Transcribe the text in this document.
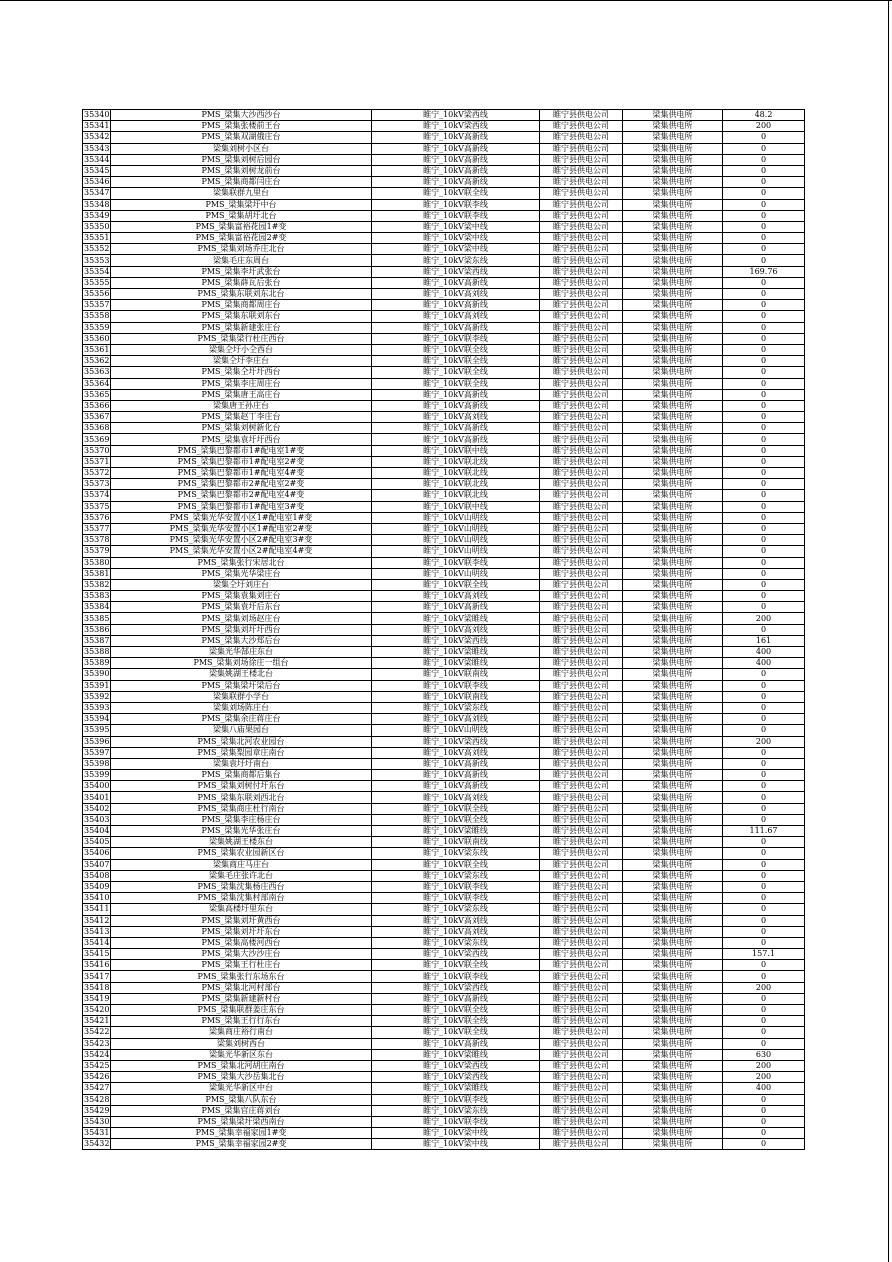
35340	PMS_梁集大沙西沙台	睢宁_10kV梁西线	睢宁县供电公司	梁集供电所	48.2
35341	PMS_梁集张楼前王台	睢宁_10kV梁西线	睢宁县供电公司	梁集供电所	200
35342	PMS_梁集双湖俄庄台	睢宁_10kV高新线	睢宁县供电公司	梁集供电所	0
35343	梁集刘树小区台	睢宁_10kV高新线	睢宁县供电公司	梁集供电所	0
35344	PMS_梁集刘树后园台	睢宁_10kV高新线	睢宁县供电公司	梁集供电所	0
35345	PMS_梁集刘树龙前台	睢宁_10kV高新线	睢宁县供电公司	梁集供电所	0
35346	PMS_梁集商都闫庄台	睢宁_10kV高新线	睢宁县供电公司	梁集供电所	0
35347	梁集联群九里台	睢宁_10kV联全线	睢宁县供电公司	梁集供电所	0
35348	PMS_梁集梁圩中台	睢宁_10kV联李线	睢宁县供电公司	梁集供电所	0
35349	PMS_梁集胡圩北台	睢宁_10kV联李线	睢宁县供电公司	梁集供电所	0
35350	PMS_梁集富裕花园1#变	睢宁_10kV梁中线	睢宁县供电公司	梁集供电所	0
35351	PMS_梁集富裕花园2#变	睢宁_10kV梁中线	睢宁县供电公司	梁集供电所	0
35352	PMS_梁集刘场乔庄北台	睢宁_10kV梁中线	睢宁县供电公司	梁集供电所	0
35353	梁集毛庄东周台	睢宁_10kV梁东线	睢宁县供电公司	梁集供电所	0
35354	PMS_梁集李圩武张台	睢宁_10kV梁西线	睢宁县供电公司	梁集供电所	169.76
35355	PMS_梁集薛瓦后张台	睢宁_10kV高新线	睢宁县供电公司	梁集供电所	0
35356	PMS_梁集东联刘东北台	睢宁_10kV高刘线	睢宁县供电公司	梁集供电所	0
35357	PMS_梁集商都周庄台	睢宁_10kV高新线	睢宁县供电公司	梁集供电所	0
35358	PMS_梁集东联刘东台	睢宁_10kV高刘线	睢宁县供电公司	梁集供电所	0
35359	PMS_梁集新建张庄台	睢宁_10kV高新线	睢宁县供电公司	梁集供电所	0
35360	PMS_梁集梁行杜庄西台	睢宁_10kV联李线	睢宁县供电公司	梁集供电所	0
35361	梁集仝圩小仝西台	睢宁_10kV联全线	睢宁县供电公司	梁集供电所	0
35362	梁集仝圩李庄台	睢宁_10kV联全线	睢宁县供电公司	梁集供电所	0
35363	PMS_梁集仝圩圩西台	睢宁_10kV联全线	睢宁县供电公司	梁集供电所	0
35364	PMS_梁集李庄周庄台	睢宁_10kV联全线	睢宁县供电公司	梁集供电所	0
35365	PMS_梁集唐王高庄台	睢宁_10kV高新线	睢宁县供电公司	梁集供电所	0
35366	梁集唐王孙庄台	睢宁_10kV高新线	睢宁县供电公司	梁集供电所	0
35367	PMS_梁集赵丁李庄台	睢宁_10kV高刘线	睢宁县供电公司	梁集供电所	0
35368	PMS_梁集刘树新化台	睢宁_10kV高新线	睢宁县供电公司	梁集供电所	0
35369	PMS_梁集袁圩圩西台	睢宁_10kV高新线	睢宁县供电公司	梁集供电所	0
35370	PMS_梁集巴黎都市1#配电室1#变	睢宁_10kV联中线	睢宁县供电公司	梁集供电所	0
35371	PMS_梁集巴黎都市1#配电室2#变	睢宁_10kV联北线	睢宁县供电公司	梁集供电所	0
35372	PMS_梁集巴黎都市1#配电室4#变	睢宁_10kV联北线	睢宁县供电公司	梁集供电所	0
35373	PMS_梁集巴黎都市2#配电室2#变	睢宁_10kV联北线	睢宁县供电公司	梁集供电所	0
35374	PMS_梁集巴黎都市2#配电室4#变	睢宁_10kV联北线	睢宁县供电公司	梁集供电所	0
35375	PMS_梁集巴黎都市1#配电室3#变	睢宁_10kV联中线	睢宁县供电公司	梁集供电所	0
35376	PMS_梁集光华安置小区1#配电室1#变	睢宁_10kV山明线	睢宁县供电公司	梁集供电所	0
35377	PMS_梁集光华安置小区1#配电室2#变	睢宁_10kV山明线	睢宁县供电公司	梁集供电所	0
35378	PMS_梁集光华安置小区2#配电室3#变	睢宁_10kV山明线	睢宁县供电公司	梁集供电所	0
35379	PMS_梁集光华安置小区2#配电室4#变	睢宁_10kV山明线	睢宁县供电公司	梁集供电所	0
35380	PMS_梁集张行宋居北台	睢宁_10kV联李线	睢宁县供电公司	梁集供电所	0
35381	PMS_梁集光华梁庄台	睢宁_10kV山明线	睢宁县供电公司	梁集供电所	0
35382	梁集仝圩刘庄台	睢宁_10kV联全线	睢宁县供电公司	梁集供电所	0
35383	PMS_梁集袁集刘庄台	睢宁_10kV高刘线	睢宁县供电公司	梁集供电所	0
35384	PMS_梁集袁圩后东台	睢宁_10kV高新线	睢宁县供电公司	梁集供电所	0
35385	PMS_梁集刘场赵庄台	睢宁_10kV梁睢线	睢宁县供电公司	梁集供电所	200
35386	PMS_梁集刘圩圩西台	睢宁_10kV高刘线	睢宁县供电公司	梁集供电所	0
35387	PMS_梁集大沙郑后台	睢宁_10kV梁西线	睢宁县供电公司	梁集供电所	161
35388	梁集光华郜庄东台	睢宁_10kV梁睢线	睢宁县供电公司	梁集供电所	400
35389	PMS_梁集刘场徐庄一组台	睢宁_10kV梁睢线	睢宁县供电公司	梁集供电所	400
35390	梁集姚湖王楼北台	睢宁_10kV联南线	睢宁县供电公司	梁集供电所	0
35391	PMS_梁集梁圩梁后台	睢宁_10kV联李线	睢宁县供电公司	梁集供电所	0
35392	梁集联群小学台	睢宁_10kV联南线	睢宁县供电公司	梁集供电所	0
35393	梁集刘场陈庄台	睢宁_10kV梁东线	睢宁县供电公司	梁集供电所	0
35394	PMS_梁集余庄蒋庄台	睢宁_10kV高刘线	睢宁县供电公司	梁集供电所	0
35395	梁集八庙果园台	睢宁_10kV山明线	睢宁县供电公司	梁集供电所	0
35396	PMS_梁集北河农业园台	睢宁_10kV梁西线	睢宁县供电公司	梁集供电所	200
35397	PMS_梁集梨园章庄南台	睢宁_10kV高刘线	睢宁县供电公司	梁集供电所	0
35398	梁集袁圩圩南台	睢宁_10kV高新线	睢宁县供电公司	梁集供电所	0
35399	PMS_梁集商都后集台	睢宁_10kV高新线	睢宁县供电公司	梁集供电所	0
35400	PMS_梁集刘树付圩东台	睢宁_10kV高新线	睢宁县供电公司	梁集供电所	0
35401	PMS_梁集东联刘西北台	睢宁_10kV高刘线	睢宁县供电公司	梁集供电所	0
35402	PMS_梁集商庄杜行南台	睢宁_10kV联全线	睢宁县供电公司	梁集供电所	0
35403	PMS_梁集李庄杨庄台	睢宁_10kV联全线	睢宁县供电公司	梁集供电所	0
35404	PMS_梁集光华张庄台	睢宁_10kV梁睢线	睢宁县供电公司	梁集供电所	111.67
35405	梁集姚湖王楼东台	睢宁_10kV联南线	睢宁县供电公司	梁集供电所	0
35406	PMS_梁集农业园新区台	睢宁_10kV梁东线	睢宁县供电公司	梁集供电所	0
35407	梁集商庄马庄台	睢宁_10kV联全线	睢宁县供电公司	梁集供电所	0
35408	梁集毛庄张许北台	睢宁_10kV梁东线	睢宁县供电公司	梁集供电所	0
35409	PMS_梁集沈集杨庄西台	睢宁_10kV联李线	睢宁县供电公司	梁集供电所	0
35410	PMS_梁集沈集村部南台	睢宁_10kV联李线	睢宁县供电公司	梁集供电所	0
35411	梁集高楼圩里东台	睢宁_10kV梁东线	睢宁县供电公司	梁集供电所	0
35412	PMS_梁集刘圩黄西台	睢宁_10kV高刘线	睢宁县供电公司	梁集供电所	0
35413	PMS_梁集刘圩圩东台	睢宁_10kV高刘线	睢宁县供电公司	梁集供电所	0
35414	PMS_梁集高楼河西台	睢宁_10kV梁东线	睢宁县供电公司	梁集供电所	0
35415	PMS_梁集大沙沙庄台	睢宁_10kV梁西线	睢宁县供电公司	梁集供电所	157.1
35416	PMS_梁集王行杜庄台	睢宁_10kV联全线	睢宁县供电公司	梁集供电所	0
35417	PMS_梁集张行东场东台	睢宁_10kV联李线	睢宁县供电公司	梁集供电所	0
35418	PMS_梁集北河村部台	睢宁_10kV梁西线	睢宁县供电公司	梁集供电所	200
35419	PMS_梁集新建新村台	睢宁_10kV高新线	睢宁县供电公司	梁集供电所	0
35420	PMS_梁集联群姜庄东台	睢宁_10kV联全线	睢宁县供电公司	梁集供电所	0
35421	PMS_梁集王行行东台	睢宁_10kV联全线	睢宁县供电公司	梁集供电所	0
35422	梁集商庄裕行南台	睢宁_10kV联全线	睢宁县供电公司	梁集供电所	0
35423	梁集刘树西台	睢宁_10kV高新线	睢宁县供电公司	梁集供电所	0
35424	梁集光华新区东台	睢宁_10kV梁睢线	睢宁县供电公司	梁集供电所	630
35425	PMS_梁集北河胡庄南台	睢宁_10kV梁西线	睢宁县供电公司	梁集供电所	200
35426	PMS_梁集大沙岳集北台	睢宁_10kV梁西线	睢宁县供电公司	梁集供电所	200
35427	梁集光华新区中台	睢宁_10kV梁睢线	睢宁县供电公司	梁集供电所	400
35428	PMS_梁集八队东台	睢宁_10kV联李线	睢宁县供电公司	梁集供电所	0
35429	PMS_梁集官庄蒋刘台	睢宁_10kV梁东线	睢宁县供电公司	梁集供电所	0
35430	PMS_梁集梁圩梁西南台	睢宁_10kV联李线	睢宁县供电公司	梁集供电所	0
35431	PMS_梁集幸福家园1#变	睢宁_10kV梁中线	睢宁县供电公司	梁集供电所	0
35432	PMS_梁集幸福家园2#变	睢宁_10kV梁中线	睢宁县供电公司	梁集供电所	0
